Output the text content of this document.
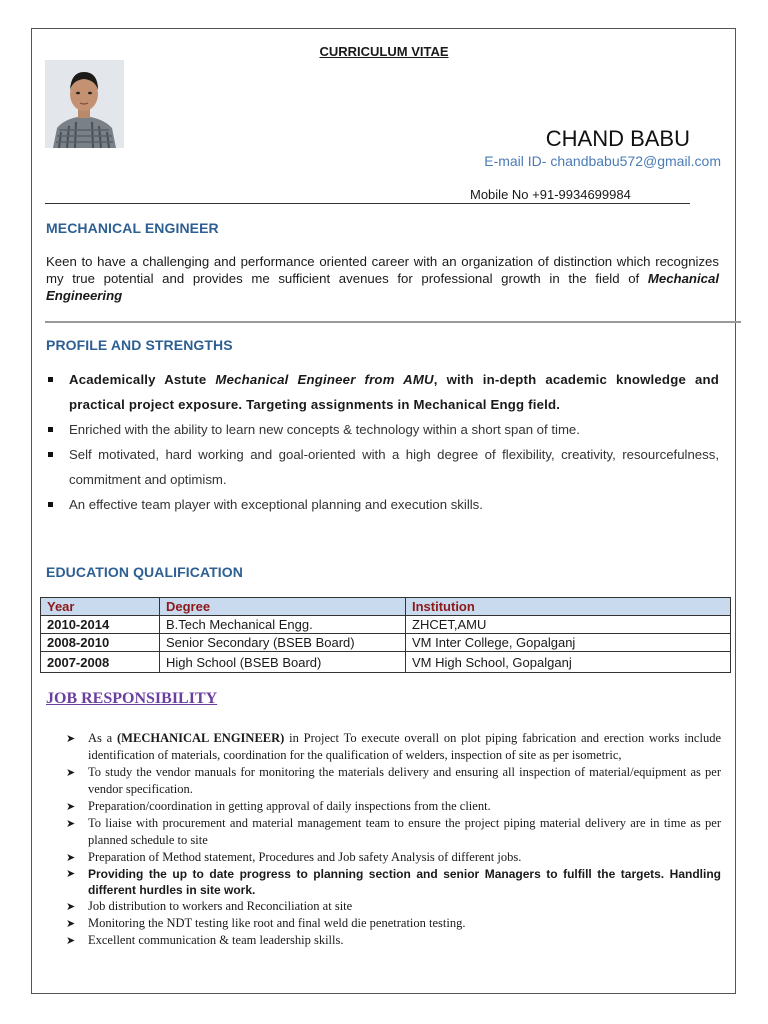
CURRICULUM VITAE
CHAND BABU
E-mail ID- chandbabu572@gmail.com
Mobile No +91-9934699984
MECHANICAL ENGINEER
Keen to have a challenging and performance oriented career with an organization of distinction which recognizes my true potential and provides me sufficient avenues for professional growth in the field of Mechanical Engineering
PROFILE AND STRENGTHS
Academically Astute Mechanical Engineer from AMU, with in-depth academic knowledge and practical project exposure. Targeting assignments in Mechanical Engg field.
Enriched with the ability to learn new concepts & technology within a short span of time.
Self motivated, hard working and goal-oriented with a high degree of flexibility, creativity, resourcefulness, commitment and optimism.
An effective team player with exceptional planning and execution skills.
EDUCATION QUALIFICATION
Year	Degree	Institution
2010-2014	B.Tech Mechanical Engg.	ZHCET,AMU
2008-2010	Senior Secondary (BSEB Board)	VM Inter College, Gopalganj
2007-2008	High School (BSEB Board)	VM High School, Gopalganj
JOB RESPONSIBILITY
➤ As a (MECHANICAL ENGINEER) in Project To execute overall on plot piping fabrication and erection works include identification of materials, coordination for the qualification of welders, inspection of site as per isometric,
➤ To study the vendor manuals for monitoring the materials delivery and ensuring all inspection of material/equipment as per vendor specification.
➤ Preparation/coordination in getting approval of daily inspections from the client.
➤ To liaise with procurement and material management team to ensure the project piping material delivery are in time as per planned schedule to site
➤ Preparation of Method statement, Procedures and Job safety Analysis of different jobs.
➤ Providing the up to date progress to planning section and senior Managers to fulfill the targets. Handling different hurdles in site work.
➤ Job distribution to workers and Reconciliation at site
➤ Monitoring the NDT testing like root and final weld die penetration testing.
➤ Excellent communication & team leadership skills.
